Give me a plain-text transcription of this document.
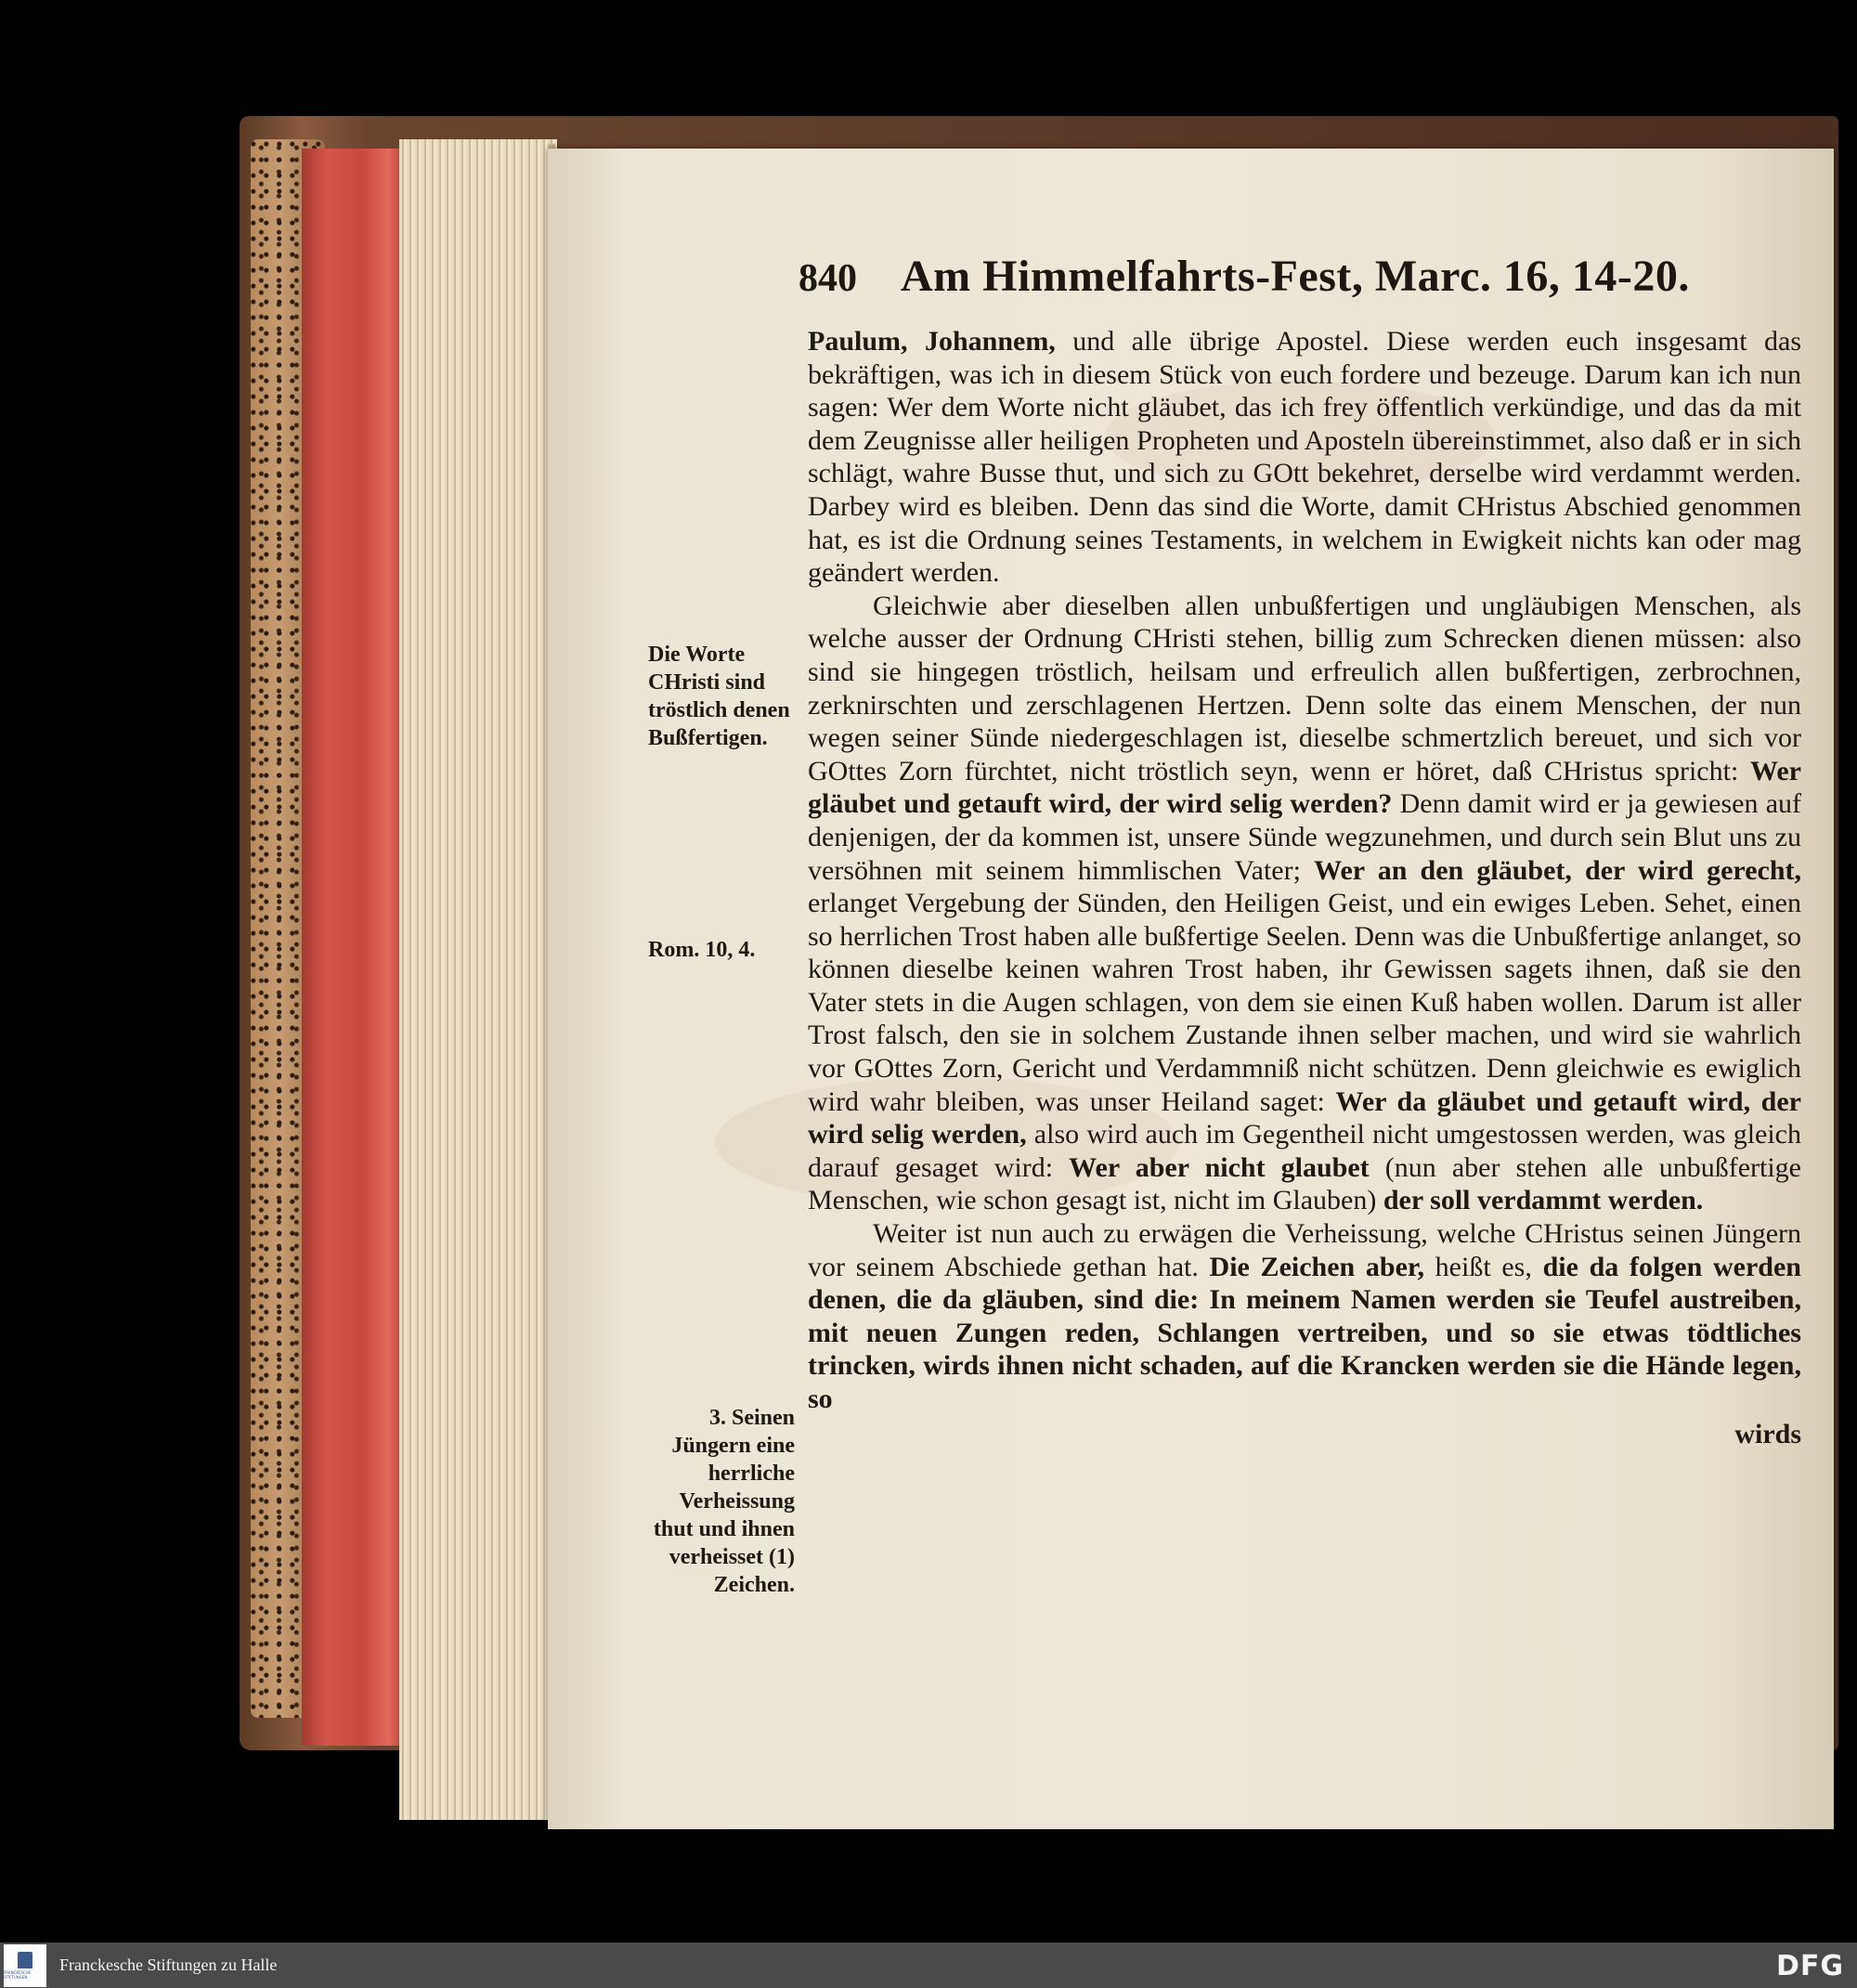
840 Am Himmelfahrts-Fest, Marc. 16, 14-20.

Paulum, Johannem, und alle übrige Apostel. Diese werden euch insgesamt das bekräftigen, was ich in diesem Stück von euch fordere und bezeuge. Darum kan ich nun sagen: Wer dem Worte nicht gläubet, das ich frey öffentlich verkündige, und das da mit dem Zeugnisse aller heiligen Propheten und Aposteln übereinstimmet, also daß er in sich schlägt, wahre Busse thut, und sich zu GOtt bekehret, derselbe wird verdammt werden. Darbey wird es bleiben. Denn das sind die Worte, damit CHristus Abschied genommen hat, es ist die Ordnung seines Testaments, in welchem in Ewigkeit nichts kan oder mag geändert werden.

Gleichwie aber dieselben allen unbußfertigen und ungläubigen Menschen, als welche ausser der Ordnung CHristi stehen, billig zum Schrecken dienen müssen: also sind sie hingegen tröstlich, heilsam und erfreulich allen bußfertigen, zerbrochnen, zerknirschten und zerschlagenen Hertzen. Denn solte das einem Menschen, der nun wegen seiner Sünde niedergeschlagen ist, dieselbe schmertzlich bereuet, und sich vor GOttes Zorn fürchtet, nicht tröstlich seyn, wenn er höret, daß CHristus spricht: Wer gläubet und getauft wird, der wird selig werden? Denn damit wird er ja gewiesen auf denjenigen, der da kommen ist, unsere Sünde wegzunehmen, und durch sein Blut uns zu versöhnen mit seinem himmlischen Vater; Wer an den gläubet, der wird gerecht, erlanget Vergebung der Sünden, den Heiligen Geist, und ein ewiges Leben. Sehet, einen so herrlichen Trost haben alle bußfertige Seelen. Denn was die Unbußfertige anlanget, so können dieselbe keinen wahren Trost haben, ihr Gewissen sagets ihnen, daß sie den Vater stets in die Augen schlagen, von dem sie einen Kuß haben wollen. Darum ist aller Trost falsch, den sie in solchem Zustande ihnen selber machen, und wird sie wahrlich vor GOttes Zorn, Gericht und Verdammniß nicht schützen. Denn gleichwie es ewiglich wird wahr bleiben, was unser Heiland saget: Wer da gläubet und getauft wird, der wird selig werden, also wird auch im Gegentheil nicht umgestossen werden, was gleich darauf gesaget wird: Wer aber nicht glaubet (nun aber stehen alle unbußfertige Menschen, wie schon gesagt ist, nicht im Glauben) der soll verdammt werden.

Weiter ist nun auch zu erwägen die Verheissung, welche CHristus seinen Jüngern vor seinem Abschiede gethan hat. Die Zeichen aber, heißt es, die da folgen werden denen, die da gläuben, sind die: In meinem Namen werden sie Teufel austreiben, mit neuen Zungen reden, Schlangen vertreiben, und so sie etwas tödtliches trincken, wirds ihnen nicht schaden, auf die Krancken werden sie die Hände legen, so

wirds

Die Worte CHristi sind tröstlich denen Bußfertigen.
Rom. 10, 4.
3. Seinen Jüngern eine herrliche Verheissung thut und ihnen verheisset (1) Zeichen.
FRANCKESCHE STIFTUNGEN
Franckesche Stiftungen zu Halle	DFG
